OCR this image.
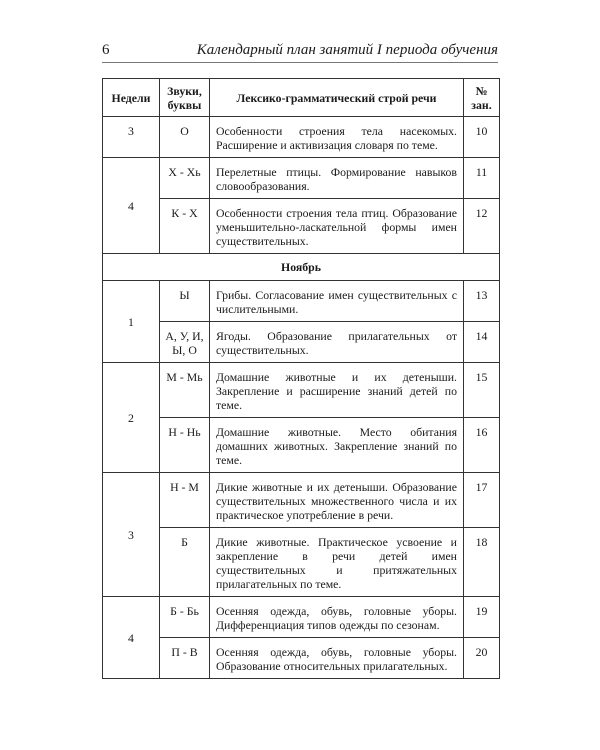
6	Календарный план занятий I периода обучения
Недели	Звуки, буквы	Лексико-грамматический строй речи	№ зан.
3	О	Особенности строения тела насекомых. Расширение и активизация словаря по теме.	10
4	Х - Хь	Перелетные птицы. Формирование навыков словообразования.	11
	К - Х	Особенности строения тела птиц. Образование уменьшительно-ласкательной формы имен существительных.	12
Ноябрь			
1	Ы	Грибы. Согласование имен существительных с числительными.	13
	А, У, И, Ы, О	Ягоды. Образование прилагательных от существительных.	14
2	М - Мь	Домашние животные и их детеныши. Закрепление и расширение знаний детей по теме.	15
	Н - Нь	Домашние животные. Место обитания домашних животных. Закрепление знаний по теме.	16
3	Н - М	Дикие животные и их детеныши. Образование существительных множественного числа и их практическое употребление в речи.	17
	Б	Дикие животные. Практическое усвоение и закрепление в речи детей имен существительных и притяжательных прилагательных по теме.	18
4	Б - Бь	Осенняя одежда, обувь, головные уборы. Дифференциация типов одежды по сезонам.	19
	П - В	Осенняя одежда, обувь, головные уборы. Образование относительных прилагательных.	20
